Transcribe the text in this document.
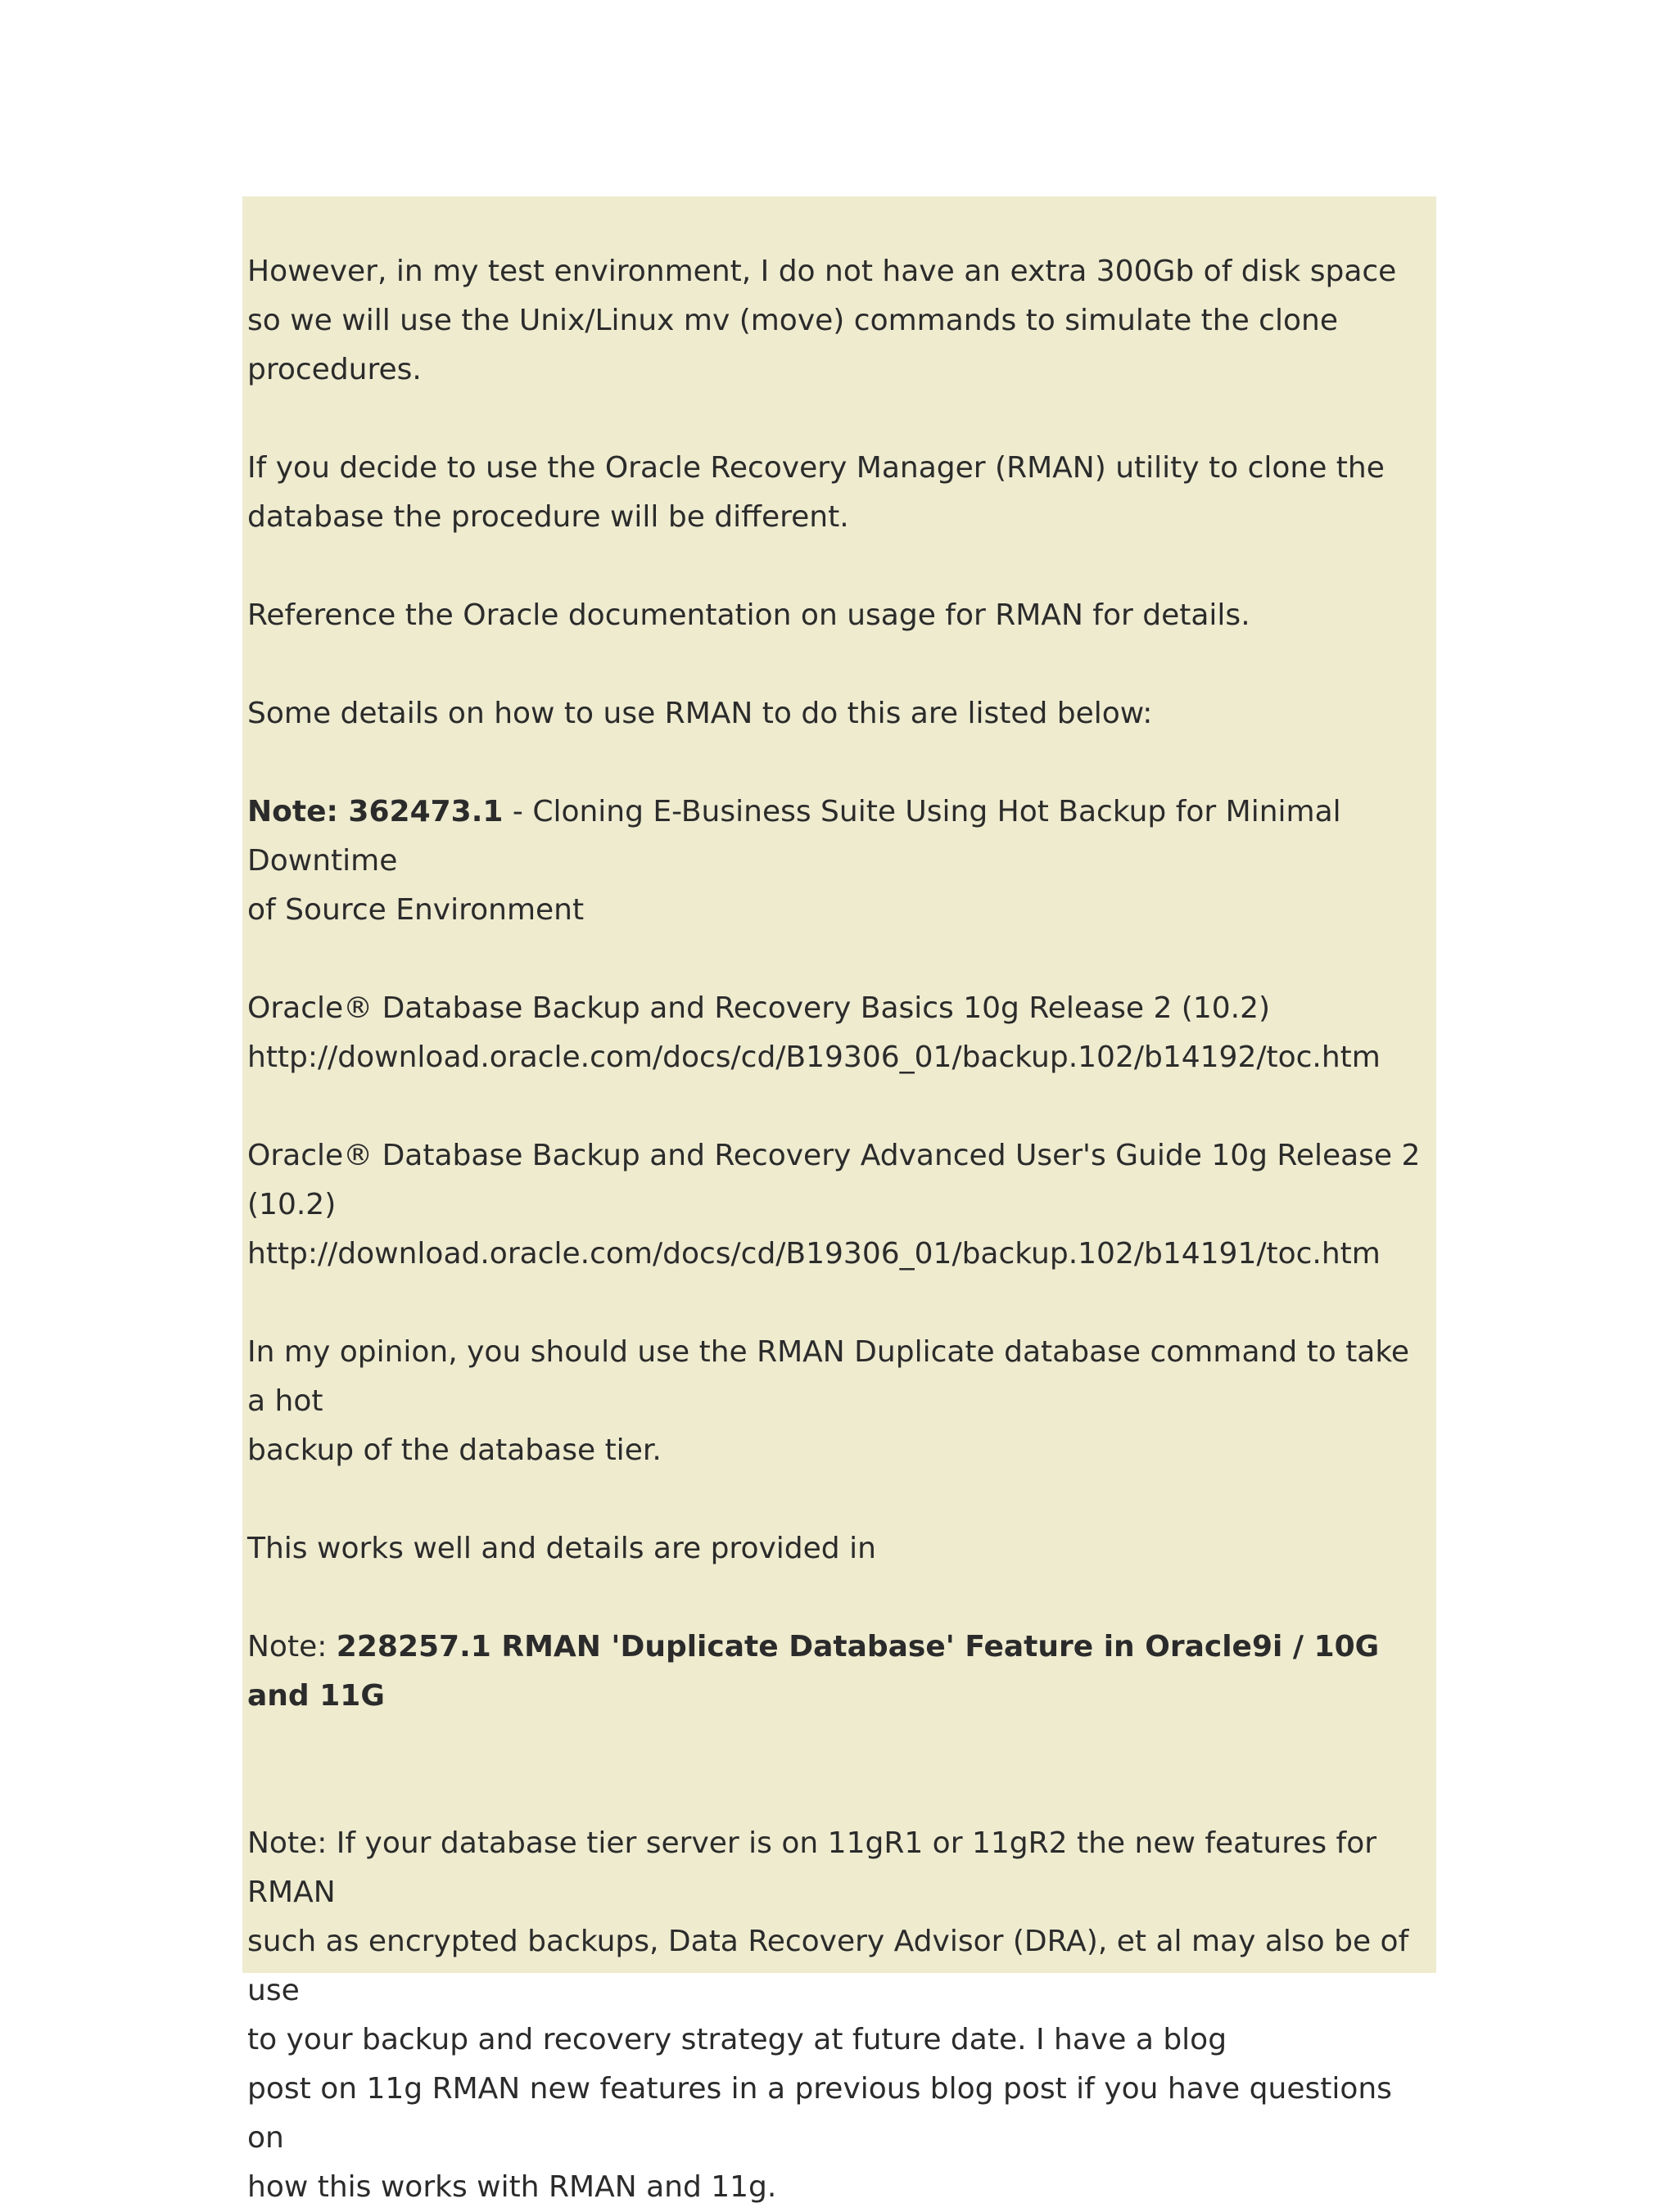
However, in my test environment, I do not have an extra 300Gb of disk space
so we will use the Unix/Linux mv (move) commands to simulate the clone
procedures.

If you decide to use the Oracle Recovery Manager (RMAN) utility to clone the
database the procedure will be different.

Reference the Oracle documentation on usage for RMAN for details.

Some details on how to use RMAN to do this are listed below:

Note: 362473.1 - Cloning E-Business Suite Using Hot Backup for Minimal Downtime
of Source Environment

Oracle® Database Backup and Recovery Basics 10g Release 2 (10.2)
http://download.oracle.com/docs/cd/B19306_01/backup.102/b14192/toc.htm

Oracle® Database Backup and Recovery Advanced User's Guide 10g Release 2
(10.2)
http://download.oracle.com/docs/cd/B19306_01/backup.102/b14191/toc.htm

In my opinion, you should use the RMAN Duplicate database command to take a hot
backup of the database tier.

This works well and details are provided in

Note: 228257.1 RMAN 'Duplicate Database' Feature in Oracle9i / 10G and 11G

Note: If your database tier server is on 11gR1 or 11gR2 the new features for RMAN
such as encrypted backups, Data Recovery Advisor (DRA), et al may also be of use
to your backup and recovery strategy at future date. I have a blog
post on 11g RMAN new features in a previous blog post if you have questions on
how this works with RMAN and 11g.
